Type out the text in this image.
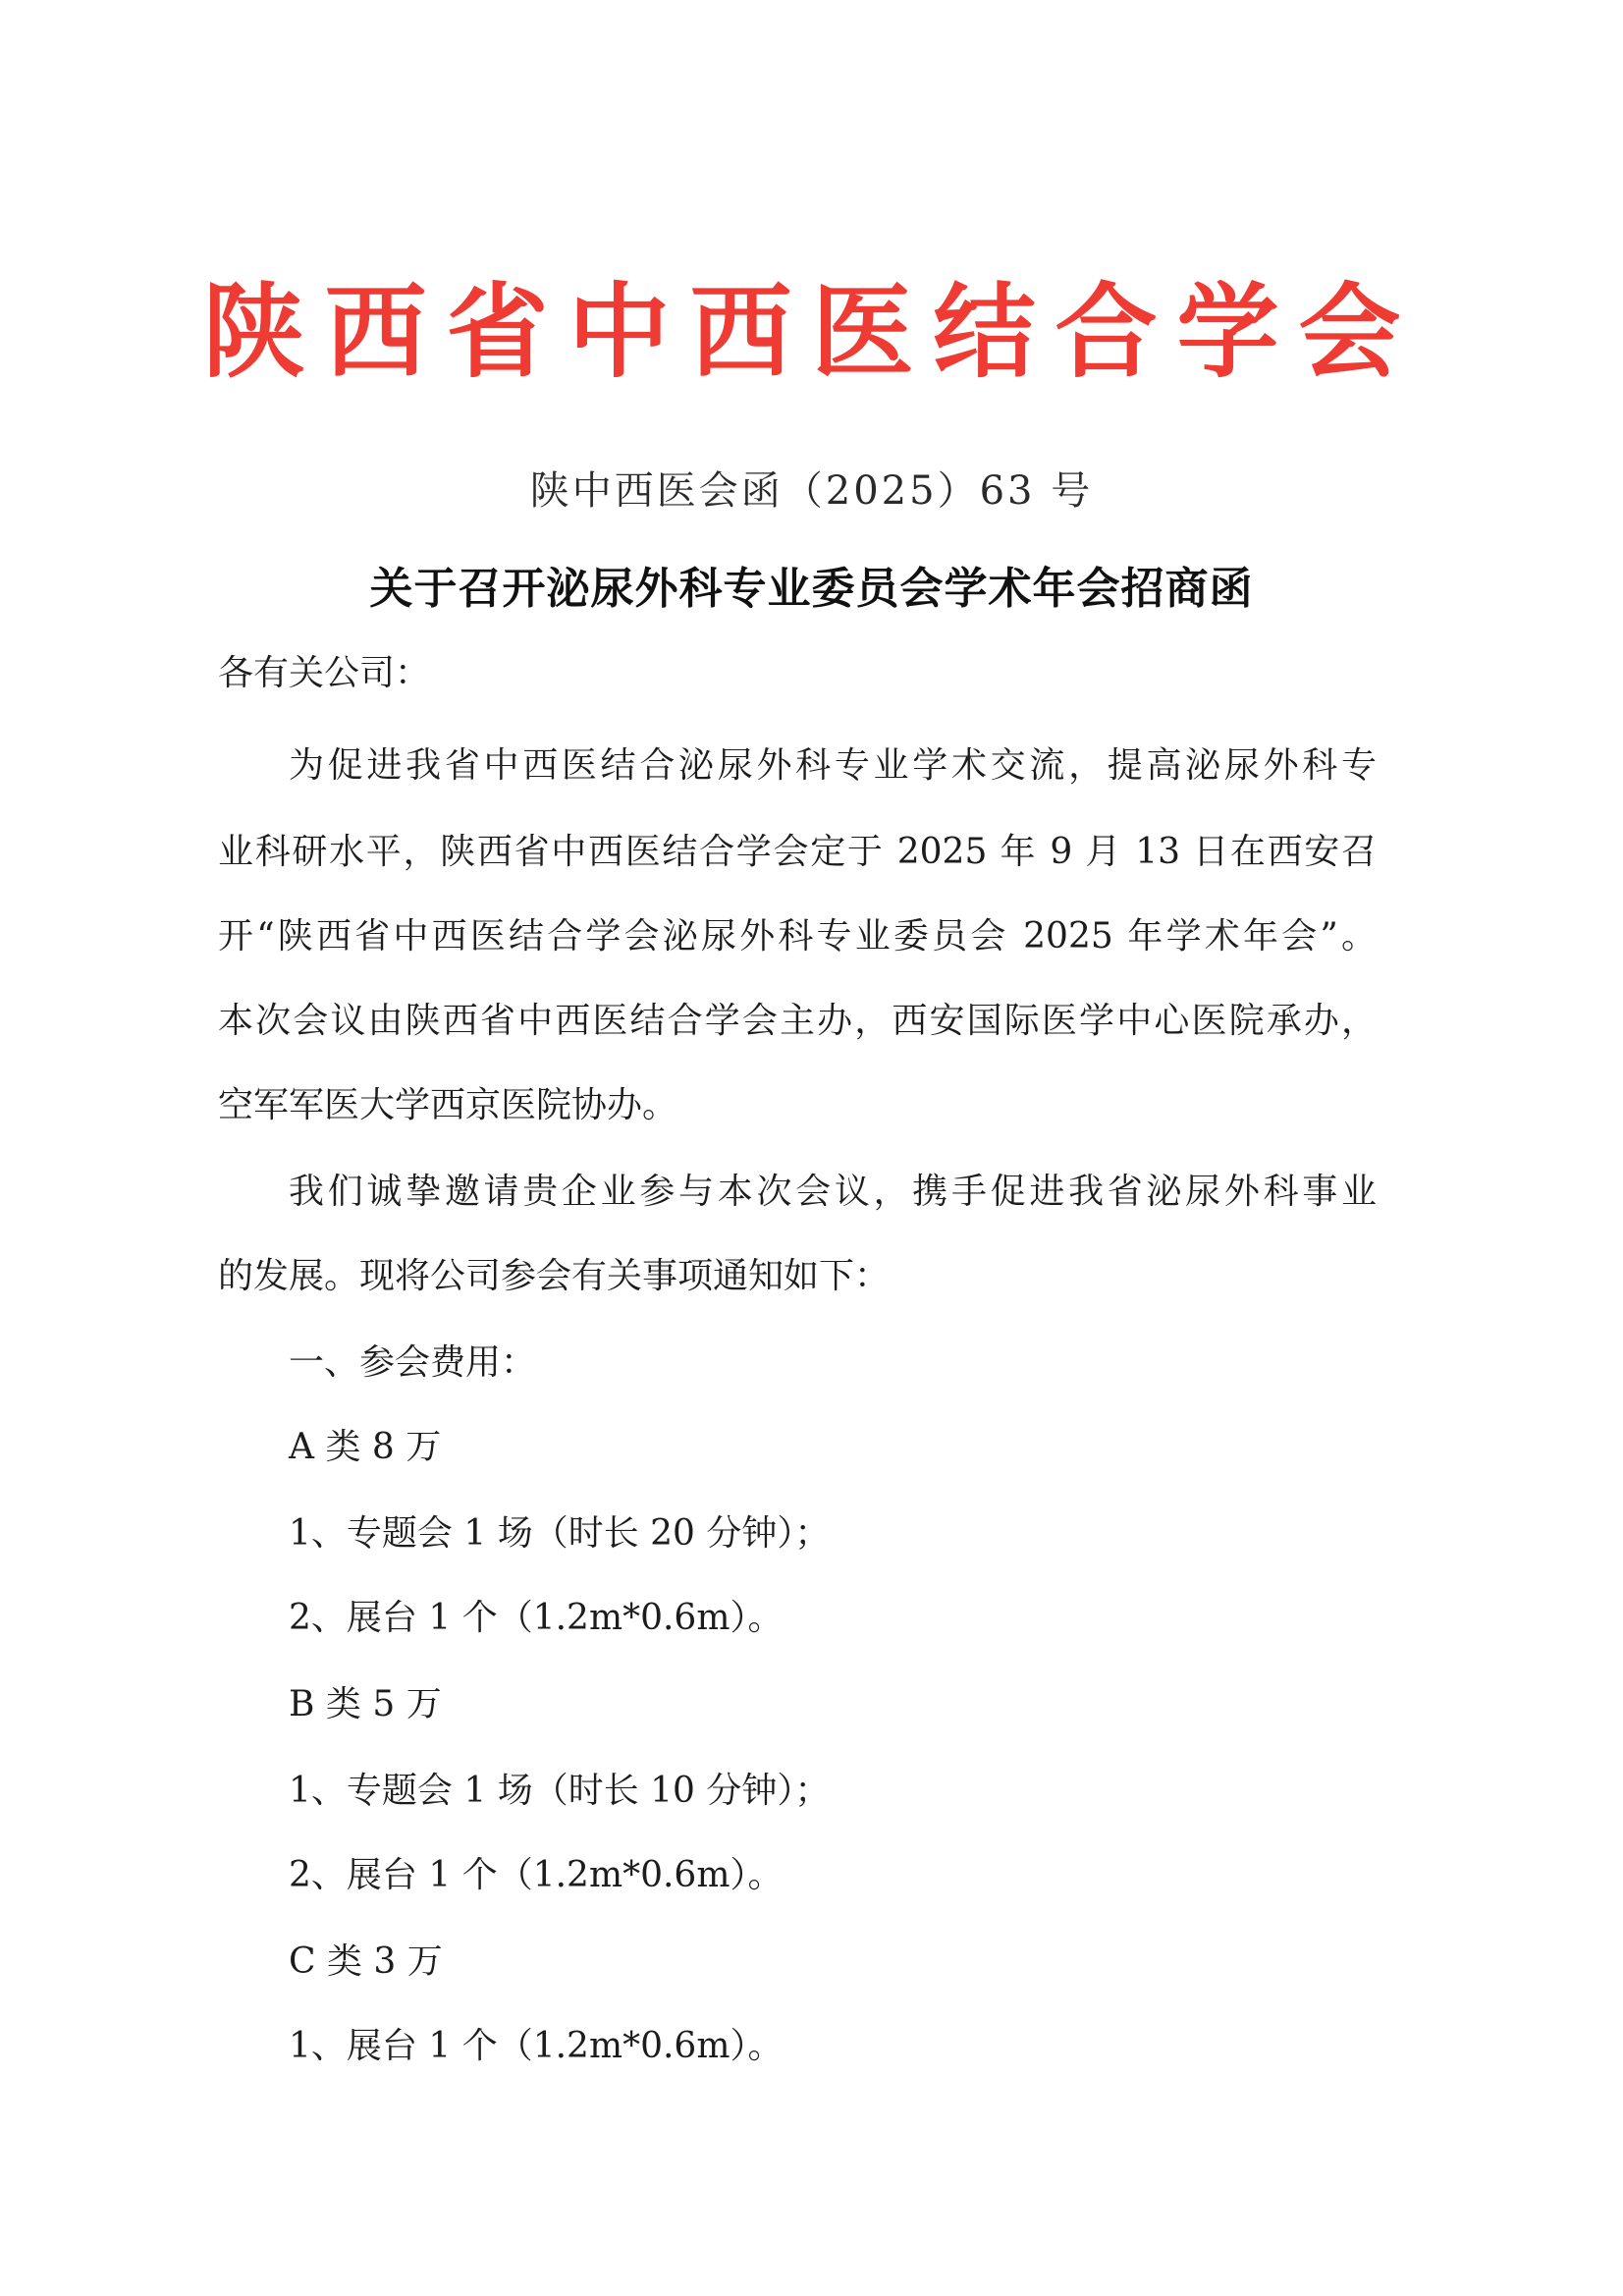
陕西省中西医结合学会
陕中西医会函（2025）63 号
关于召开泌尿外科专业委员会学术年会招商函
各有关公司：
为促进我省中西医结合泌尿外科专业学术交流，提高泌尿外科专
业科研水平，陕西省中西医结合学会定于 2025 年 9 月 13 日在西安召
开“陕西省中西医结合学会泌尿外科专业委员会 2025 年学术年会”。
本次会议由陕西省中西医结合学会主办，西安国际医学中心医院承办，
空军军医大学西京医院协办。
我们诚挚邀请贵企业参与本次会议，携手促进我省泌尿外科事业
的发展。现将公司参会有关事项通知如下：
一、参会费用：
A 类 8 万
1、专题会 1 场（时长 20 分钟）；
2、展台 1 个（1.2m*0.6m）。
B 类 5 万
1、专题会 1 场（时长 10 分钟）；
2、展台 1 个（1.2m*0.6m）。
C 类 3 万
1、展台 1 个（1.2m*0.6m）。
